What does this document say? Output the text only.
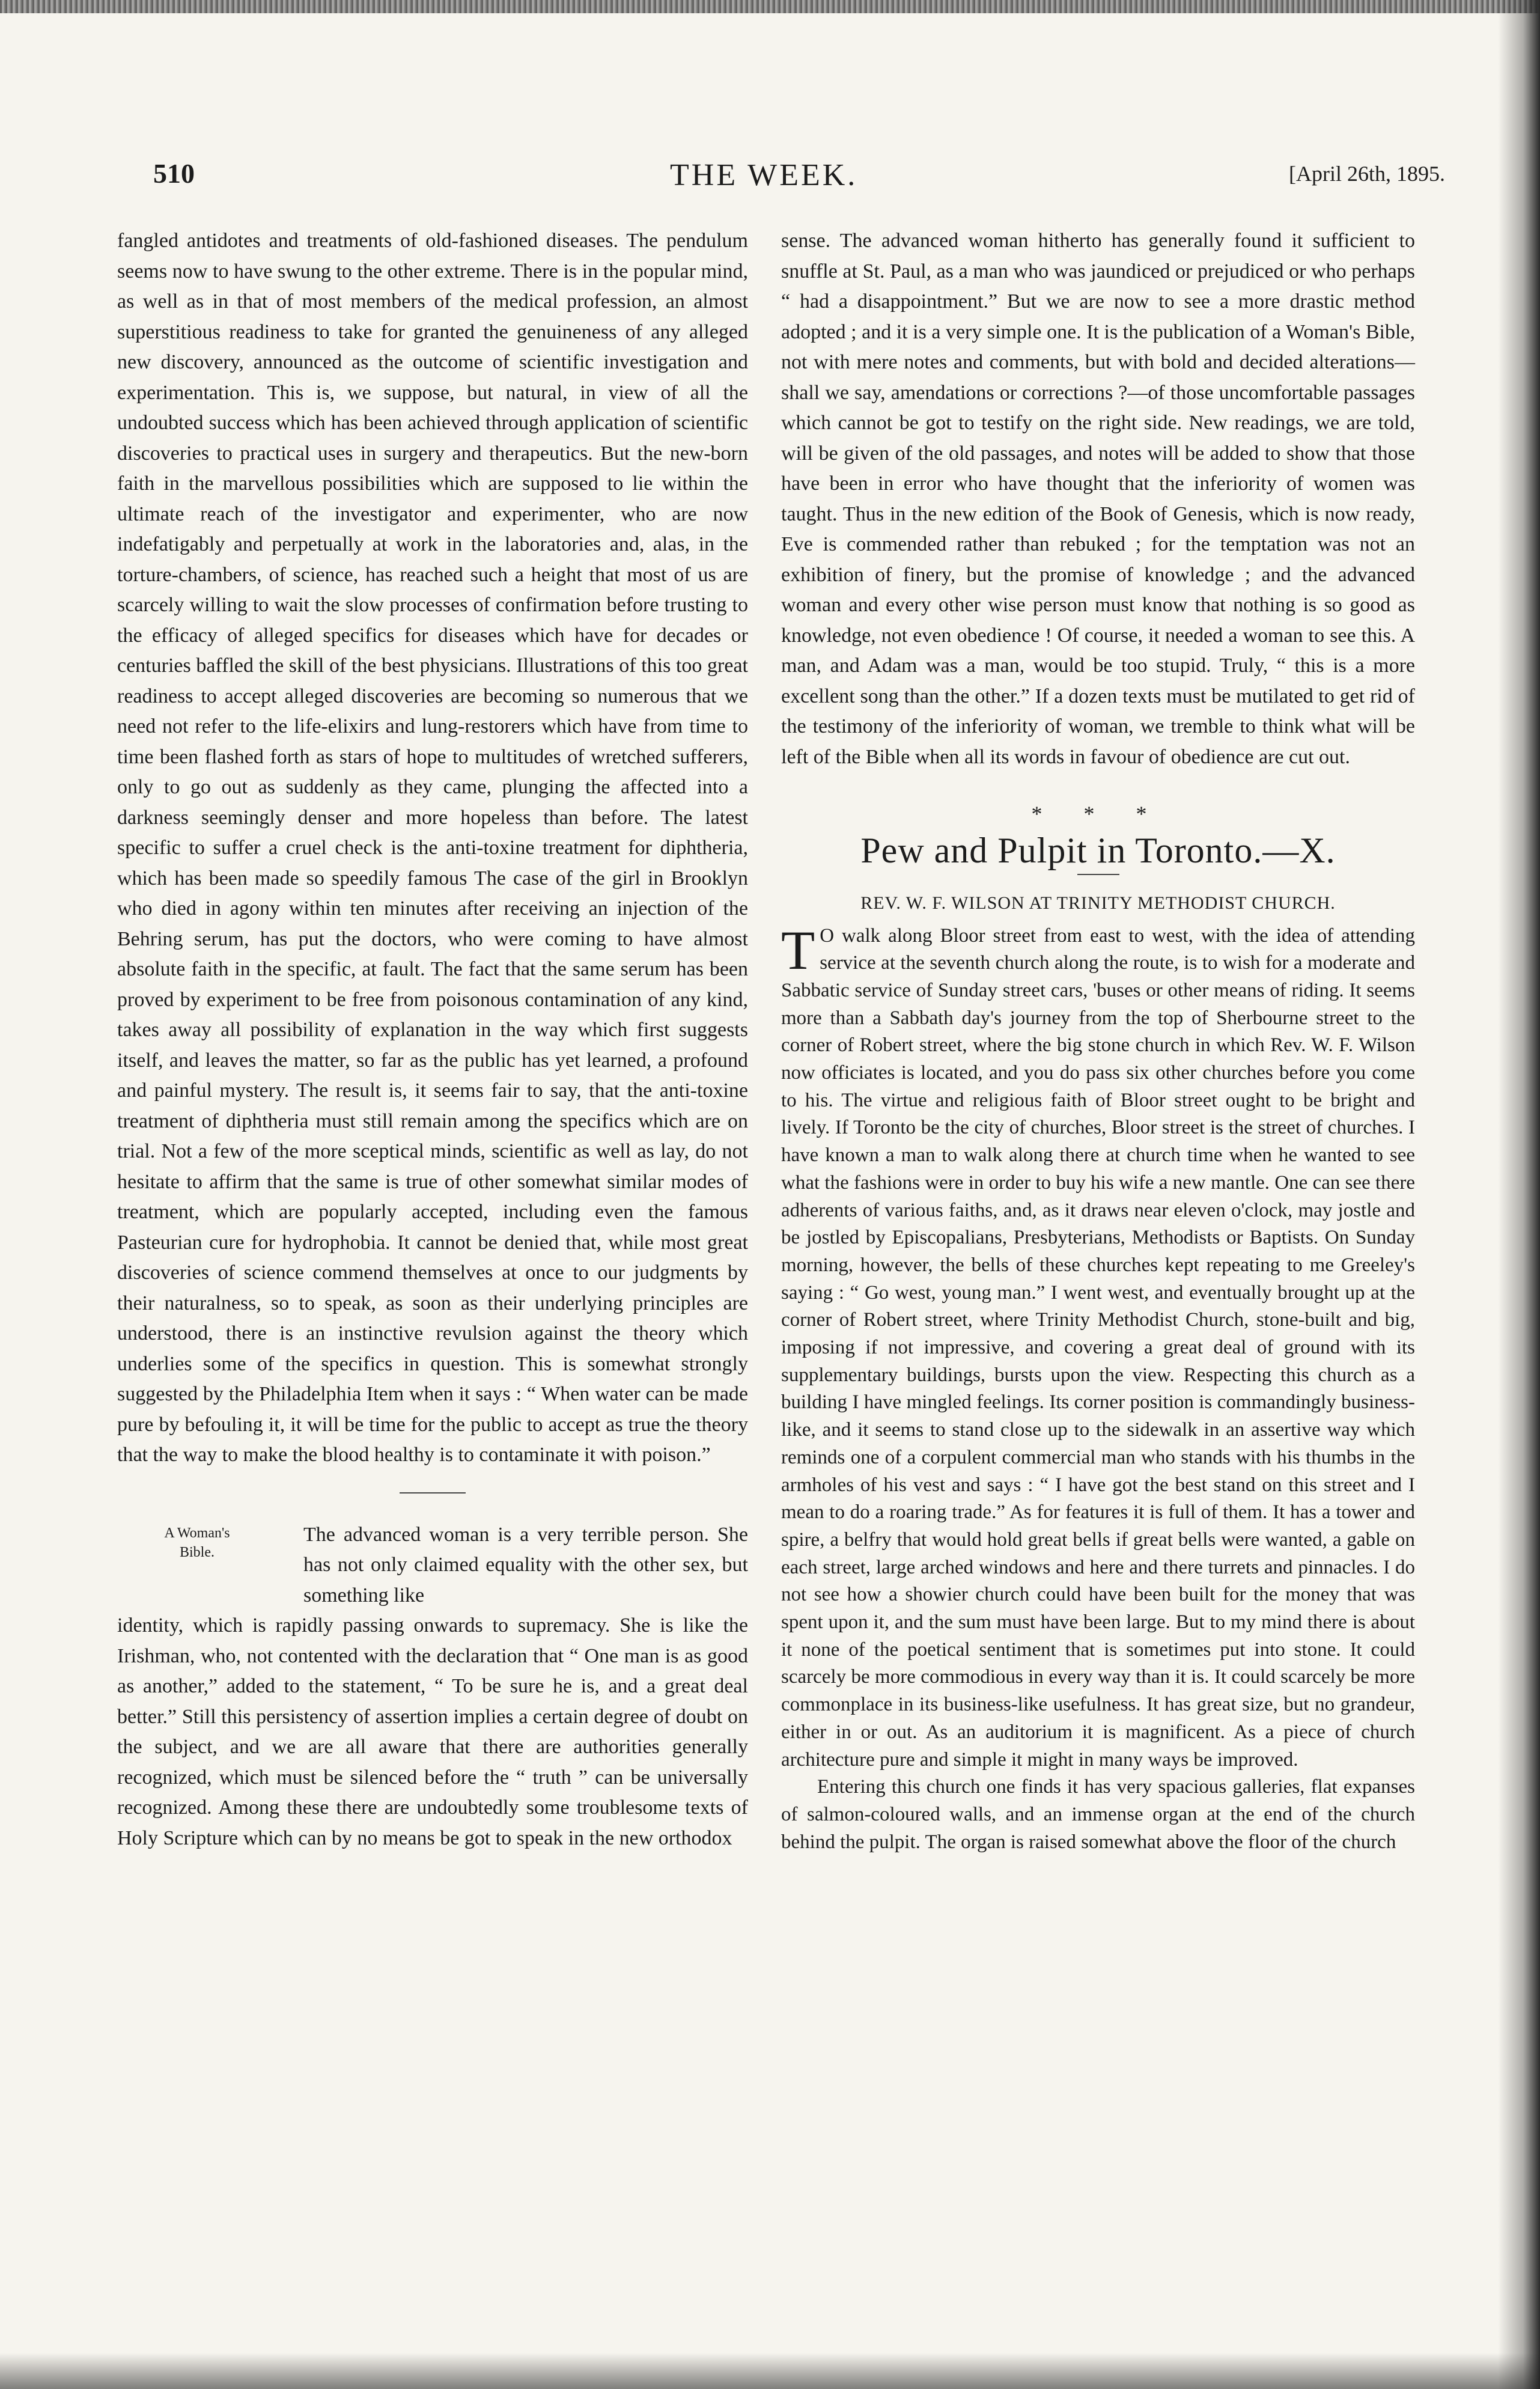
510	THE WEEK.	[April 26th, 1895.

fangled antidotes and treatments of old-fashioned diseases. The pendulum seems now to have swung to the other extreme. There is in the popular mind, as well as in that of most members of the medical profession, an almost superstitious readiness to take for granted the genuineness of any alleged new discovery, announced as the outcome of scientific investigation and experimentation. This is, we suppose, but natural, in view of all the undoubted success which has been achieved through application of scientific discoveries to practical uses in surgery and therapeutics. But the new-born faith in the marvellous possibilities which are supposed to lie within the ultimate reach of the investigator and experimenter, who are now indefatigably and perpetually at work in the laboratories and, alas, in the torture-chambers, of science, has reached such a height that most of us are scarcely willing to wait the slow processes of confirmation before trusting to the efficacy of alleged specifics for diseases which have for decades or centuries baffled the skill of the best physicians. Illustrations of this too great readiness to accept alleged discoveries are becoming so numerous that we need not refer to the life-elixirs and lung-restorers which have from time to time been flashed forth as stars of hope to multitudes of wretched sufferers, only to go out as suddenly as they came, plunging the affected into a darkness seemingly denser and more hopeless than before. The latest specific to suffer a cruel check is the anti-toxine treatment for diphtheria, which has been made so speedily famous The case of the girl in Brooklyn who died in agony within ten minutes after receiving an injection of the Behring serum, has put the doctors, who were coming to have almost absolute faith in the specific, at fault. The fact that the same serum has been proved by experiment to be free from poisonous contamination of any kind, takes away all possibility of explanation in the way which first suggests itself, and leaves the matter, so far as the public has yet learned, a profound and painful mystery. The result is, it seems fair to say, that the anti-toxine treatment of diphtheria must still remain among the specifics which are on trial. Not a few of the more sceptical minds, scientific as well as lay, do not hesitate to affirm that the same is true of other somewhat similar modes of treatment, which are popularly accepted, including even the famous Pasteurian cure for hydrophobia. It cannot be denied that, while most great discoveries of science commend themselves at once to our judgments by their naturalness, so to speak, as soon as their underlying principles are understood, there is an instinctive revulsion against the theory which underlies some of the specifics in question. This is somewhat strongly suggested by the Philadelphia Item when it says : “ When water can be made pure by befouling it, it will be time for the public to accept as true the theory that the way to make the blood healthy is to contaminate it with poison.”

A Woman's Bible.

The advanced woman is a very terrible person. She has not only claimed equality with the other sex, but something like

identity, which is rapidly passing onwards to supremacy. She is like the Irishman, who, not contented with the declaration that “ One man is as good as another,” added to the statement, “ To be sure he is, and a great deal better.” Still this persistency of assertion implies a certain degree of doubt on the subject, and we are all aware that there are authorities generally recognized, which must be silenced before the “ truth ” can be universally recognized. Among these there are undoubtedly some troublesome texts of Holy Scripture which can by no means be got to speak in the new orthodox

sense. The advanced woman hitherto has generally found it sufficient to snuffle at St. Paul, as a man who was jaundiced or prejudiced or who perhaps “ had a disappointment.” But we are now to see a more drastic method adopted ; and it is a very simple one. It is the publication of a Woman's Bible, not with mere notes and comments, but with bold and decided alterations—shall we say, amendations or corrections ?—of those uncomfortable passages which cannot be got to testify on the right side. New readings, we are told, will be given of the old passages, and notes will be added to show that those have been in error who have thought that the inferiority of women was taught. Thus in the new edition of the Book of Genesis, which is now ready, Eve is commended rather than rebuked ; for the temptation was not an exhibition of finery, but the promise of knowledge ; and the advanced woman and every other wise person must know that nothing is so good as knowledge, not even obedience ! Of course, it needed a woman to see this. A man, and Adam was a man, would be too stupid. Truly, “ this is a more excellent song than the other.” If a dozen texts must be mutilated to get rid of the testimony of the inferiority of woman, we tremble to think what will be left of the Bible when all its words in favour of obedience are cut out.

* * *
Pew and Pulpit in Toronto.—X.
REV. W. F. WILSON AT TRINITY METHODIST CHURCH.

T O walk along Bloor street from east to west, with the idea of attending service at the seventh church along the route, is to wish for a moderate and Sabbatic service of Sunday street cars, 'buses or other means of riding. It seems more than a Sabbath day's journey from the top of Sherbourne street to the corner of Robert street, where the big stone church in which Rev. W. F. Wilson now officiates is located, and you do pass six other churches before you come to his. The virtue and religious faith of Bloor street ought to be bright and lively. If Toronto be the city of churches, Bloor street is the street of churches. I have known a man to walk along there at church time when he wanted to see what the fashions were in order to buy his wife a new mantle. One can see there adherents of various faiths, and, as it draws near eleven o'clock, may jostle and be jostled by Episcopalians, Presbyterians, Methodists or Baptists. On Sunday morning, however, the bells of these churches kept repeating to me Greeley's saying : “ Go west, young man.” I went west, and eventually brought up at the corner of Robert street, where Trinity Methodist Church, stone-built and big, imposing if not impressive, and covering a great deal of ground with its supplementary buildings, bursts upon the view. Respecting this church as a building I have mingled feelings. Its corner position is commandingly business-like, and it seems to stand close up to the sidewalk in an assertive way which reminds one of a corpulent commercial man who stands with his thumbs in the armholes of his vest and says : “ I have got the best stand on this street and I mean to do a roaring trade.” As for features it is full of them. It has a tower and spire, a belfry that would hold great bells if great bells were wanted, a gable on each street, large arched windows and here and there turrets and pinnacles. I do not see how a showier church could have been built for the money that was spent upon it, and the sum must have been large. But to my mind there is about it none of the poetical sentiment that is sometimes put into stone. It could scarcely be more commodious in every way than it is. It could scarcely be more commonplace in its business-like usefulness. It has great size, but no grandeur, either in or out. As an auditorium it is magnificent. As a piece of church architecture pure and simple it might in many ways be improved.

Entering this church one finds it has very spacious galleries, flat expanses of salmon-coloured walls, and an immense organ at the end of the church behind the pulpit. The organ is raised somewhat above the floor of the church
